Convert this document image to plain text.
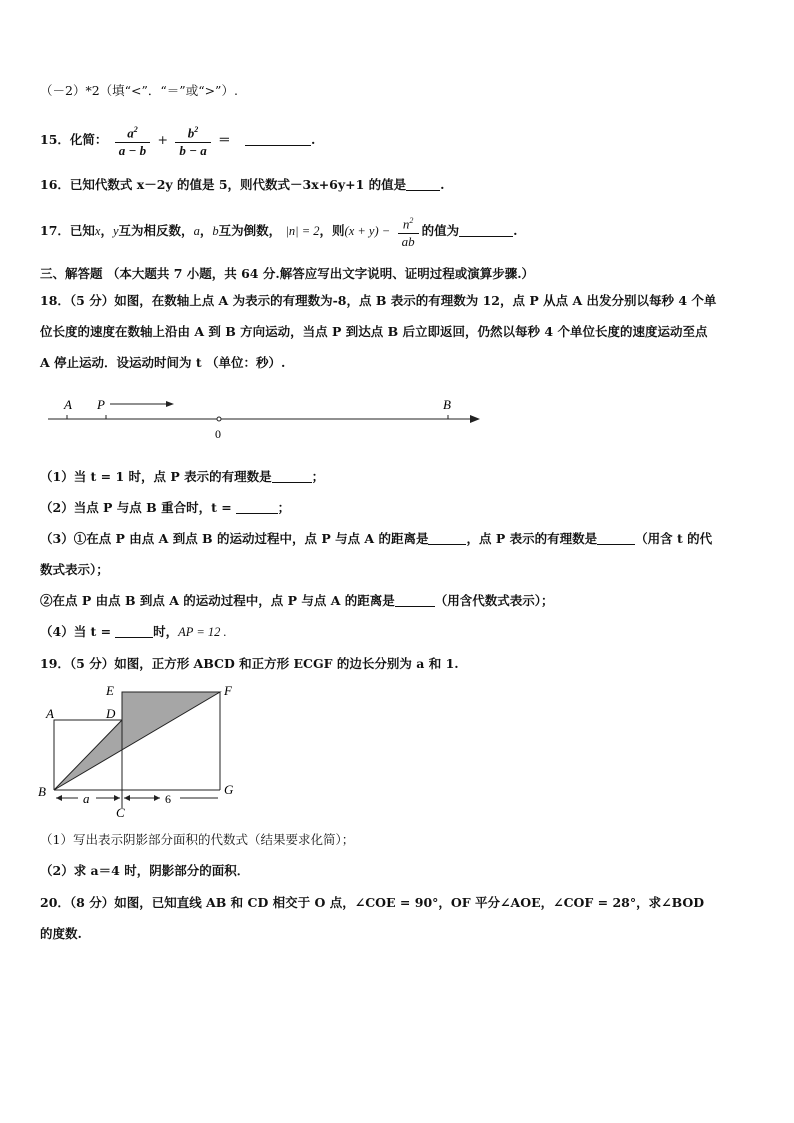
（－2）*2（填“<”．“＝”或“>”）.
15．化简： $\frac{a^2}{a - b} + \frac{b^2}{b - a}$ ＝	.
16．已知代数式 x－2y 的值是 5，则代数式－3x+6y+1 的值是	.
17．已知x，y互为相反数，a，b互为倒数， |n| = 2，则$(x + y) - \frac{n^2}{ab}$ 的值为	.
三、解答题 （本大题共 7 小题，共 64 分.解答应写出文字说明、证明过程或演算步骤.）
18．（5 分）如图，在数轴上点 A 为表示的有理数为-8，点 B 表示的有理数为 12，点 P 从点 A 出发分别以每秒 4 个单
位长度的速度在数轴上沿由 A 到 B 方向运动，当点 P 到达点 B 后立即返回，仍然以每秒 4 个单位长度的速度运动至点
A 停止运动．设运动时间为 t （单位：秒）.
A P	B
0
（1）当 t = 1 时，点 P 表示的有理数是	；
（2）当点 P 与点 B 重合时，t =	；
（3）①在点 P 由点 A 到点 B 的运动过程中，点 P 与点 A 的距离是	，点 P 表示的有理数是	（用含 t 的代
数式表示）；
②在点 P 由点 B 到点 A 的运动过程中，点 P 与点 A 的距离是	（用含代数式表示）；
（4）当 t =	时，AP = 12 .
19．（5 分）如图，正方形 ABCD 和正方形 ECGF 的边长分别为 a 和 1.
E	F
A	D
B	G
C
a	6
（1）写出表示阴影部分面积的代数式（结果要求化简）；
（2）求 a＝4 时，阴影部分的面积．
20．（8 分）如图，已知直线 AB 和 CD 相交于 O 点，∠COE = 90°，OF 平分∠AOE，∠COF = 28°，求∠BOD
的度数.
